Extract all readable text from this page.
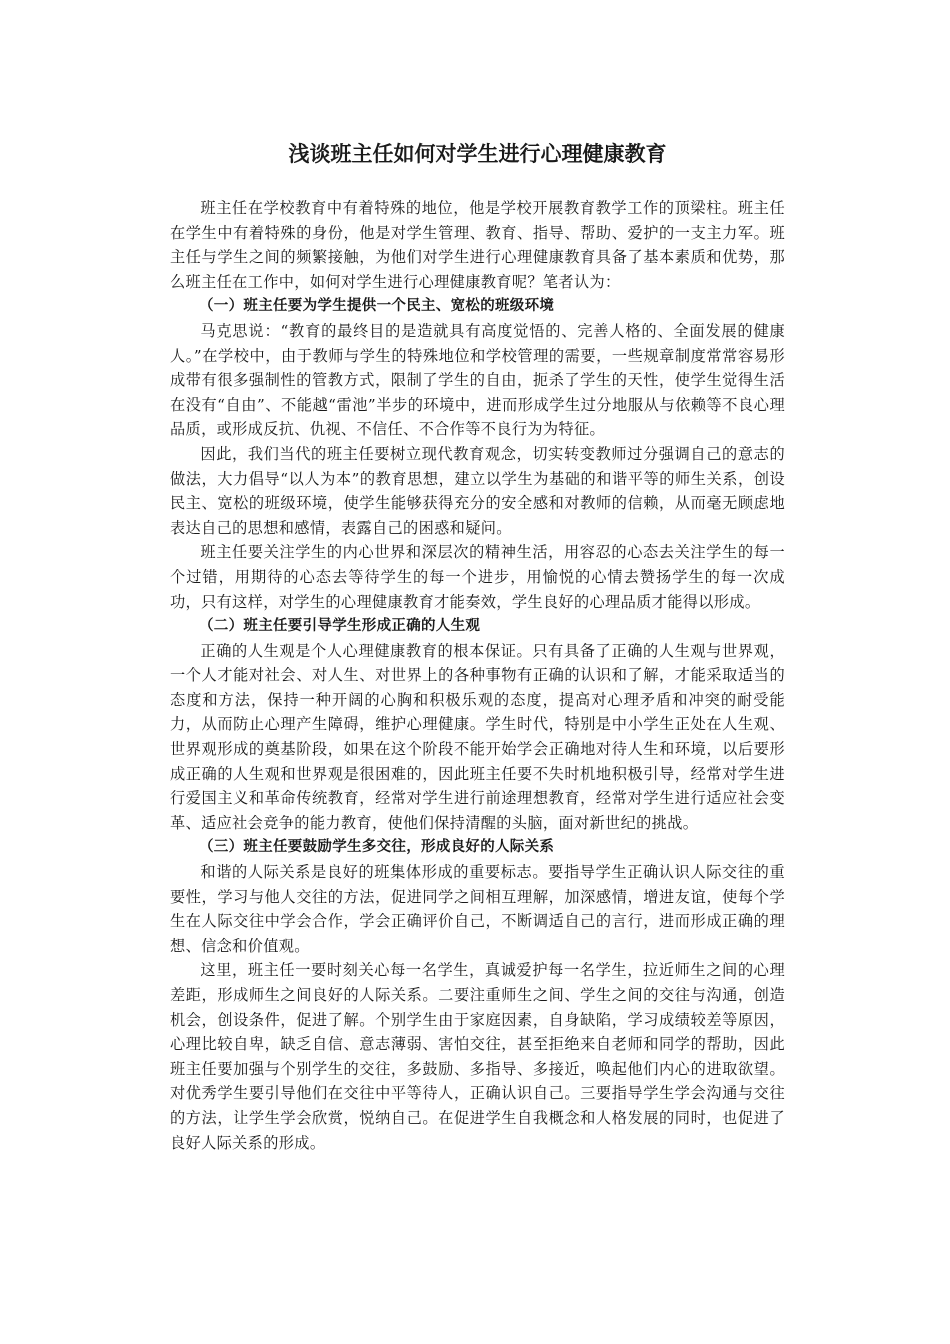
浅谈班主任如何对学生进行心理健康教育

班主任在学校教育中有着特殊的地位，他是学校开展教育教学工作的顶梁柱。班主任在学生中有着特殊的身份，他是对学生管理、教育、指导、帮助、爱护的一支主力军。班主任与学生之间的频繁接触，为他们对学生进行心理健康教育具备了基本素质和优势，那么班主任在工作中，如何对学生进行心理健康教育呢？笔者认为：

（一）班主任要为学生提供一个民主、宽松的班级环境

马克思说：“教育的最终目的是造就具有高度觉悟的、完善人格的、全面发展的健康人。”在学校中，由于教师与学生的特殊地位和学校管理的需要，一些规章制度常常容易形成带有很多强制性的管教方式，限制了学生的自由，扼杀了学生的天性，使学生觉得生活在没有“自由”、不能越“雷池”半步的环境中，进而形成学生过分地服从与依赖等不良心理品质，或形成反抗、仇视、不信任、不合作等不良行为为特征。

因此，我们当代的班主任要树立现代教育观念，切实转变教师过分强调自己的意志的做法，大力倡导“以人为本”的教育思想，建立以学生为基础的和谐平等的师生关系，创设民主、宽松的班级环境，使学生能够获得充分的安全感和对教师的信赖，从而毫无顾虑地表达自己的思想和感情，表露自己的困惑和疑问。

班主任要关注学生的内心世界和深层次的精神生活，用容忍的心态去关注学生的每一个过错，用期待的心态去等待学生的每一个进步，用愉悦的心情去赞扬学生的每一次成功，只有这样，对学生的心理健康教育才能奏效，学生良好的心理品质才能得以形成。

（二）班主任要引导学生形成正确的人生观

正确的人生观是个人心理健康教育的根本保证。只有具备了正确的人生观与世界观，一个人才能对社会、对人生、对世界上的各种事物有正确的认识和了解，才能采取适当的态度和方法，保持一种开阔的心胸和积极乐观的态度，提高对心理矛盾和冲突的耐受能力，从而防止心理产生障碍，维护心理健康。学生时代，特别是中小学生正处在人生观、世界观形成的奠基阶段，如果在这个阶段不能开始学会正确地对待人生和环境，以后要形成正确的人生观和世界观是很困难的，因此班主任要不失时机地积极引导，经常对学生进行爱国主义和革命传统教育，经常对学生进行前途理想教育，经常对学生进行适应社会变革、适应社会竞争的能力教育，使他们保持清醒的头脑，面对新世纪的挑战。

（三）班主任要鼓励学生多交往，形成良好的人际关系

和谐的人际关系是良好的班集体形成的重要标志。要指导学生正确认识人际交往的重要性，学习与他人交往的方法，促进同学之间相互理解，加深感情，增进友谊，使每个学生在人际交往中学会合作，学会正确评价自己，不断调适自己的言行，进而形成正确的理想、信念和价值观。

这里，班主任一要时刻关心每一名学生，真诚爱护每一名学生，拉近师生之间的心理差距，形成师生之间良好的人际关系。二要注重师生之间、学生之间的交往与沟通，创造机会，创设条件，促进了解。个别学生由于家庭因素，自身缺陷，学习成绩较差等原因，心理比较自卑，缺乏自信、意志薄弱、害怕交往，甚至拒绝来自老师和同学的帮助，因此班主任要加强与个别学生的交往，多鼓励、多指导、多接近，唤起他们内心的进取欲望。对优秀学生要引导他们在交往中平等待人，正确认识自己。三要指导学生学会沟通与交往的方法，让学生学会欣赏，悦纳自己。在促进学生自我概念和人格发展的同时，也促进了良好人际关系的形成。
